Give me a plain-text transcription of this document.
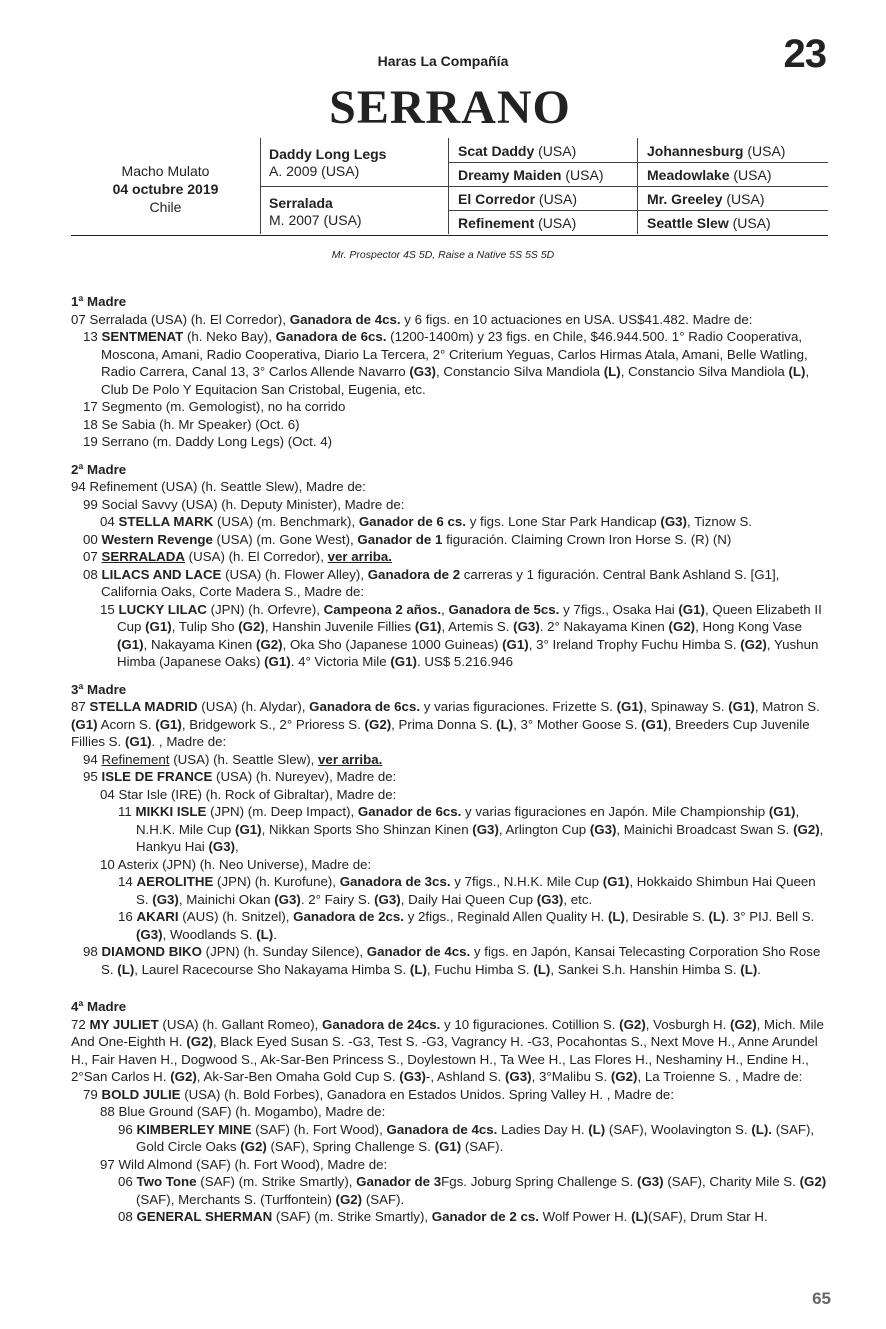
Haras La Compañía	23
SERRANO
Macho Mulato
04 octubre 2019
Chile
Daddy Long Legs
A. 2009 (USA)
Serralada
M. 2007 (USA)
Scat Daddy (USA)
Dreamy Maiden (USA)
El Corredor (USA)
Refinement (USA)
Johannesburg (USA)
Meadowlake (USA)
Mr. Greeley (USA)
Seattle Slew (USA)
Mr. Prospector 4S 5D, Raise a Native 5S 5S 5D

1ª Madre

07 Serralada (USA) (h. El Corredor), Ganadora de 4cs. y 6 figs. en 10 actuaciones en USA. US$41.482. Madre de:

13 SENTMENAT (h. Neko Bay), Ganadora de 6cs. (1200-1400m) y 23 figs. en Chile, $46.944.500. 1° Radio Cooperativa, Moscona, Amani, Radio Cooperativa, Diario La Tercera, 2° Criterium Yeguas, Carlos Hirmas Atala, Amani, Belle Watling, Radio Carrera, Canal 13, 3° Carlos Allende Navarro (G3), Constancio Silva Mandiola (L), Constancio Silva Mandiola (L), Club De Polo Y Equitacion San Cristobal, Eugenia, etc.

17 Segmento (m. Gemologist), no ha corrido

18 Se Sabia (h. Mr Speaker) (Oct. 6)

19 Serrano (m. Daddy Long Legs) (Oct. 4)

2ª Madre

94 Refinement (USA) (h. Seattle Slew), Madre de:

99 Social Savvy (USA) (h. Deputy Minister), Madre de:

04 STELLA MARK (USA) (m. Benchmark), Ganador de 6 cs. y figs. Lone Star Park Handicap (G3), Tiznow S.

00 Western Revenge (USA) (m. Gone West), Ganador de 1 figuración. Claiming Crown Iron Horse S. (R) (N)

07 SERRALADA (USA) (h. El Corredor), ver arriba.

08 LILACS AND LACE (USA) (h. Flower Alley), Ganadora de 2 carreras y 1 figuración. Central Bank Ashland S. [G1], California Oaks, Corte Madera S., Madre de:

15 LUCKY LILAC (JPN) (h. Orfevre), Campeona 2 años., Ganadora de 5cs. y 7figs., Osaka Hai (G1), Queen Elizabeth II Cup (G1), Tulip Sho (G2), Hanshin Juvenile Fillies (G1), Artemis S. (G3). 2° Nakayama Kinen (G2), Hong Kong Vase (G1), Nakayama Kinen (G2), Oka Sho (Japanese 1000 Guineas) (G1), 3° Ireland Trophy Fuchu Himba S. (G2), Yushun Himba (Japanese Oaks) (G1). 4° Victoria Mile (G1). US$ 5.216.946

3ª Madre

87 STELLA MADRID (USA) (h. Alydar), Ganadora de 6cs. y varias figuraciones. Frizette S. (G1), Spinaway S. (G1), Matron S.(G1) Acorn S. (G1), Bridgework S., 2° Prioress S. (G2), Prima Donna S. (L), 3° Mother Goose S. (G1), Breeders Cup Juvenile Fillies S. (G1). , Madre de:

94 Refinement (USA) (h. Seattle Slew), ver arriba.

95 ISLE DE FRANCE (USA) (h. Nureyev), Madre de:

04 Star Isle (IRE) (h. Rock of Gibraltar), Madre de:

11 MIKKI ISLE (JPN) (m. Deep Impact), Ganador de 6cs. y varias figuraciones en Japón. Mile Championship (G1), N.H.K. Mile Cup (G1), Nikkan Sports Sho Shinzan Kinen (G3), Arlington Cup (G3), Mainichi Broadcast Swan S. (G2), Hankyu Hai (G3),

10 Asterix (JPN) (h. Neo Universe), Madre de:

14 AEROLITHE (JPN) (h. Kurofune), Ganadora de 3cs. y 7figs., N.H.K. Mile Cup (G1), Hokkaido Shimbun Hai Queen S. (G3), Mainichi Okan (G3). 2° Fairy S. (G3), Daily Hai Queen Cup (G3), etc.

16 AKARI (AUS) (h. Snitzel), Ganadora de 2cs. y 2figs., Reginald Allen Quality H. (L), Desirable S. (L). 3° PIJ. Bell S. (G3), Woodlands S. (L).

98 DIAMOND BIKO (JPN) (h. Sunday Silence), Ganador de 4cs. y figs. en Japón, Kansai Telecasting Corporation Sho Rose S. (L), Laurel Racecourse Sho Nakayama Himba S. (L), Fuchu Himba S. (L), Sankei S.h. Hanshin Himba S. (L).

4ª Madre

72 MY JULIET (USA) (h. Gallant Romeo), Ganadora de 24cs. y 10 figuraciones. Cotillion S. (G2), Vosburgh H. (G2), Mich. Mile And One-Eighth H. (G2), Black Eyed Susan S. -G3, Test S. -G3, Vagrancy H. -G3, Pocahontas S., Next Move H., Anne Arundel H., Fair Haven H., Dogwood S., Ak-Sar-Ben Princess S., Doylestown H., Ta Wee H., Las Flores H., Neshaminy H., Endine H., 2°San Carlos H. (G2), Ak-Sar-Ben Omaha Gold Cup S. (G3)-, Ashland S. (G3), 3°Malibu S. (G2), La Troienne S. , Madre de:

79 BOLD JULIE (USA) (h. Bold Forbes), Ganadora en Estados Unidos. Spring Valley H. , Madre de:

88 Blue Ground (SAF) (h. Mogambo), Madre de:

96 KIMBERLEY MINE (SAF) (h. Fort Wood), Ganadora de 4cs. Ladies Day H. (L) (SAF), Woolavington S. (L). (SAF), Gold Circle Oaks (G2) (SAF), Spring Challenge S. (G1) (SAF).

97 Wild Almond (SAF) (h. Fort Wood), Madre de:

06 Two Tone (SAF) (m. Strike Smartly), Ganador de 3Fgs. Joburg Spring Challenge S. (G3) (SAF), Charity Mile S. (G2) (SAF), Merchants S. (Turffontein) (G2) (SAF).

08 GENERAL SHERMAN (SAF) (m. Strike Smartly), Ganador de 2 cs. Wolf Power H. (L)(SAF), Drum Star H.

65
